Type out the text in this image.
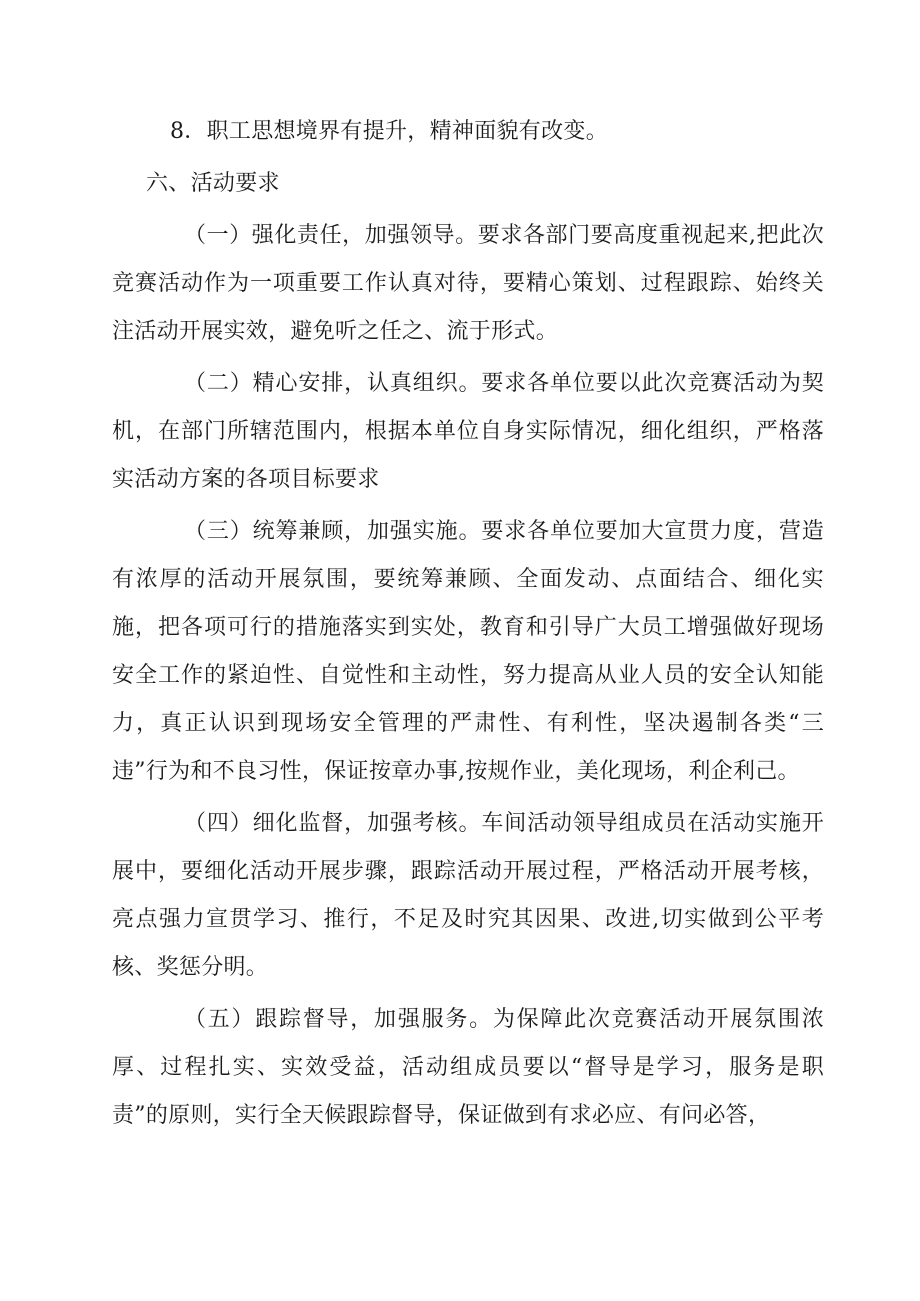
8．职工思想境界有提升，精神面貌有改变。

六、活动要求

（一）强化责任，加强领导。要求各部门要高度重视起来,把此次竞赛活动作为一项重要工作认真对待，要精心策划、过程跟踪、始终关注活动开展实效，避免听之任之、流于形式。

（二）精心安排，认真组织。要求各单位要以此次竞赛活动为契机，在部门所辖范围内，根据本单位自身实际情况，细化组织，严格落实活动方案的各项目标要求

（三）统筹兼顾，加强实施。要求各单位要加大宣贯力度，营造有浓厚的活动开展氛围，要统筹兼顾、全面发动、点面结合、细化实施，把各项可行的措施落实到实处，教育和引导广大员工增强做好现场安全工作的紧迫性、自觉性和主动性，努力提高从业人员的安全认知能力，真正认识到现场安全管理的严肃性、有利性，坚决遏制各类“三违”行为和不良习性，保证按章办事,按规作业，美化现场，利企利己。

（四）细化监督，加强考核。车间活动领导组成员在活动实施开展中，要细化活动开展步骤，跟踪活动开展过程，严格活动开展考核，亮点强力宣贯学习、推行，不足及时究其因果、改进,切实做到公平考核、奖惩分明。

（五）跟踪督导，加强服务。为保障此次竞赛活动开展氛围浓厚、过程扎实、实效受益，活动组成员要以“督导是学习，服务是职责”的原则，实行全天候跟踪督导，保证做到有求必应、有问必答，
